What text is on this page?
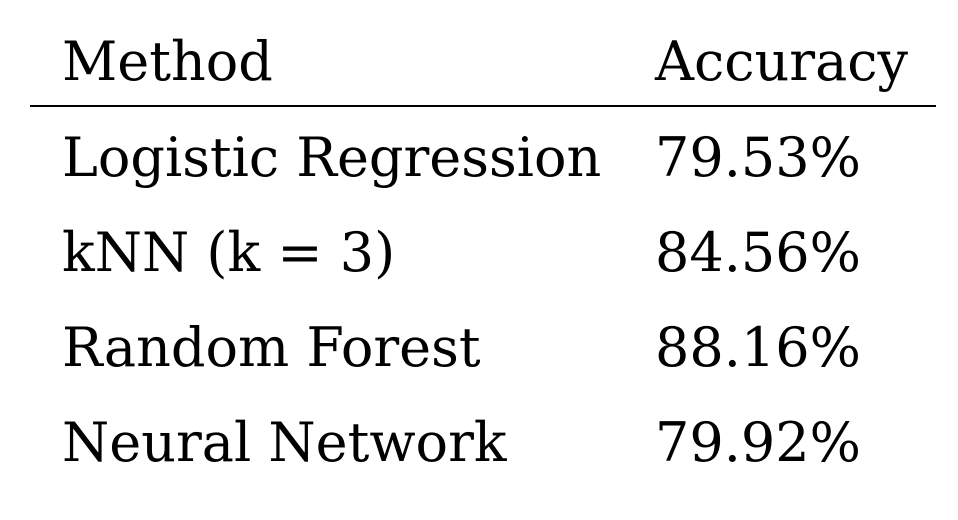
Method	Accuracy
Logistic Regression 79.53%
kNN (k = 3)	84.56%
Random Forest	88.16%
Neural Network	79.92%
